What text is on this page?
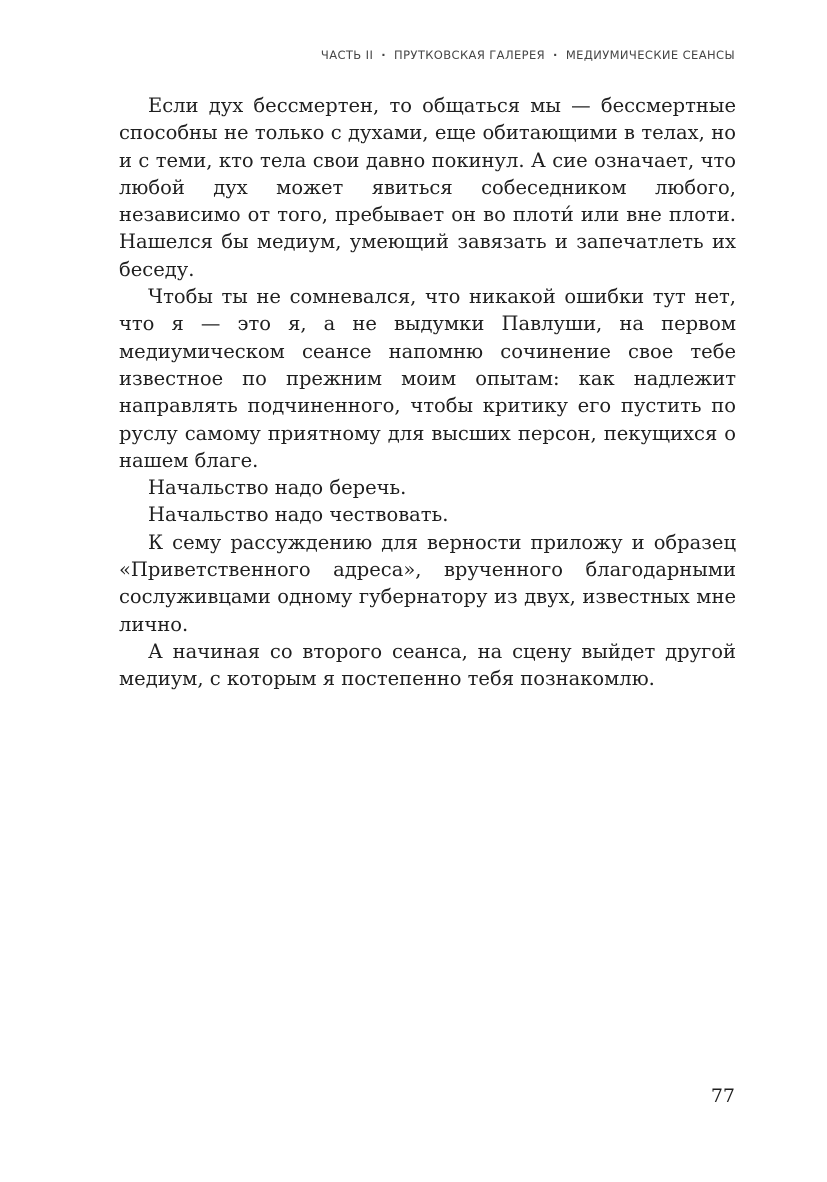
ЧАСТЬ II · ПРУТКОВСКАЯ ГАЛЕРЕЯ · МЕДИУМИЧЕСКИЕ СЕАНСЫ

Если дух бессмертен, то общаться мы — бессмертные способны не только с духами, еще обитающими в телах, но и с теми, кто тела свои давно покинул. А сие означает, что любой дух может явиться собеседником любого, независимо от того, пребывает он во плоти́ или вне плоти. Нашелся бы медиум, умеющий завязать и запечатлеть их беседу.

Чтобы ты не сомневался, что никакой ошибки тут нет, что я — это я, а не выдумки Павлуши, на первом медиумическом сеансе напомню сочинение свое тебе известное по прежним моим опытам: как надлежит направлять подчиненного, чтобы критику его пустить по руслу самому приятному для высших персон, пекущихся о нашем благе.

Начальство надо беречь.

Начальство надо чествовать.

К сему рассуждению для верности приложу и образец «Приветственного адреса», врученного благодарными сослуживцами одному губернатору из двух, известных мне лично.

А начиная со второго сеанса, на сцену выйдет другой медиум, с которым я постепенно тебя познакомлю.

77
